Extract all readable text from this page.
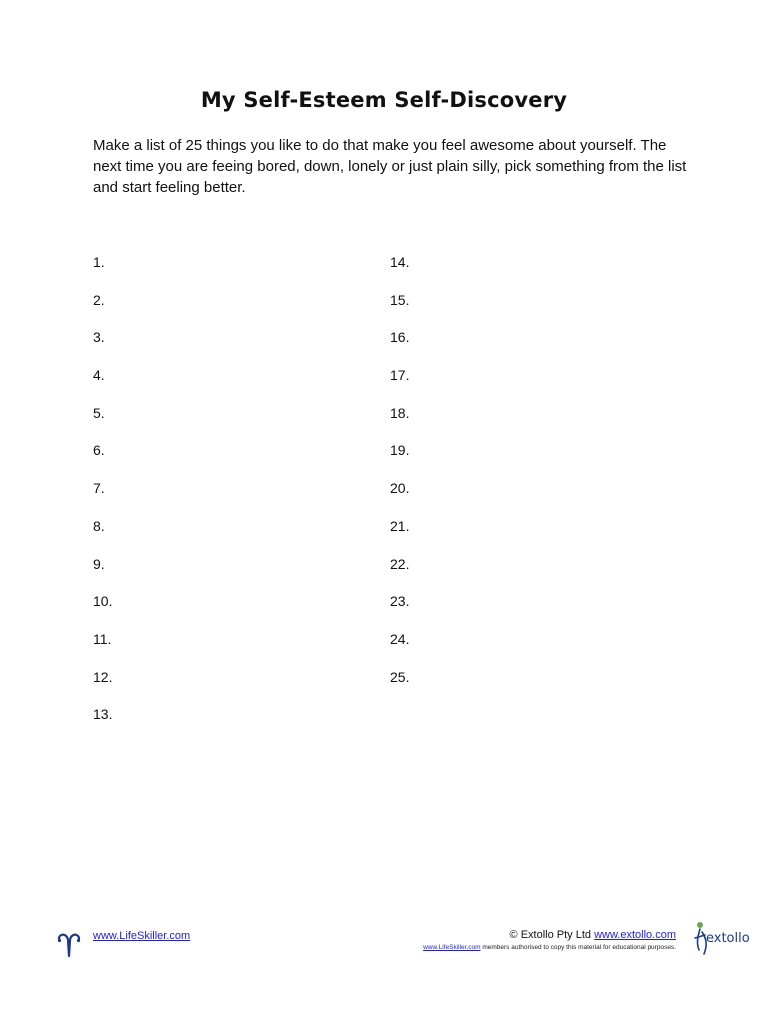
My Self-Esteem Self-Discovery

Make a list of 25 things you like to do that make you feel awesome about yourself. The next time you are feeing bored, down, lonely or just plain silly, pick something from the list and start feeling better.

1.
2.
3.
4.
5.
6.
7.
8.
9.
10.
11.
12.
13.
14.
15.
16.
17.
18.
19.
20.
21.
22.
23.
24.
25.
www.LifeSkiller.com	© Extollo Pty Ltd www.extollo.com
www.LifeSkiller.com members authorised to copy this material for educational purposes.
extollo
